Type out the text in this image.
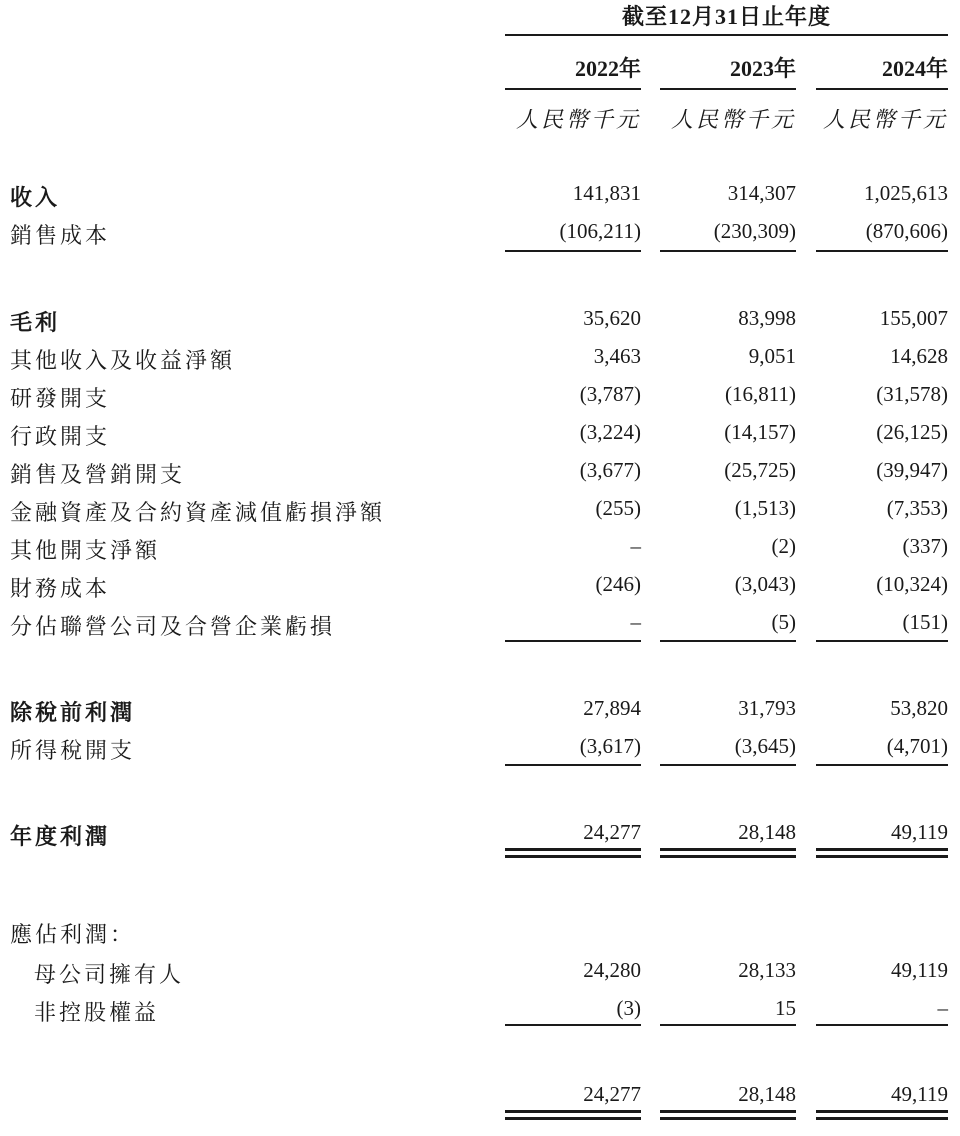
截至12月31日止年度
2022年	2023年	2024年
人民幣千元	人民幣千元	人民幣千元
收入	141,831	314,307	1,025,613
銷售成本	(106,211)	(230,309)	(870,606)
毛利	35,620	83,998	155,007
其他收入及收益淨額	3,463	9,051	14,628
研發開支	(3,787)	(16,811)	(31,578)
行政開支	(3,224)	(14,157)	(26,125)
銷售及營銷開支	(3,677)	(25,725)	(39,947)
金融資產及合約資產減值虧損淨額	(255)	(1,513)	(7,353)
其他開支淨額	–	(2)	(337)
財務成本	(246)	(3,043)	(10,324)
分佔聯營公司及合營企業虧損	–	(5)	(151)
除稅前利潤	27,894	31,793	53,820
所得稅開支	(3,617)	(3,645)	(4,701)
年度利潤	24,277	28,148	49,119
應佔利潤：
母公司擁有人	24,280	28,133	49,119
非控股權益	(3)	15	–
24,277	28,148	49,119
